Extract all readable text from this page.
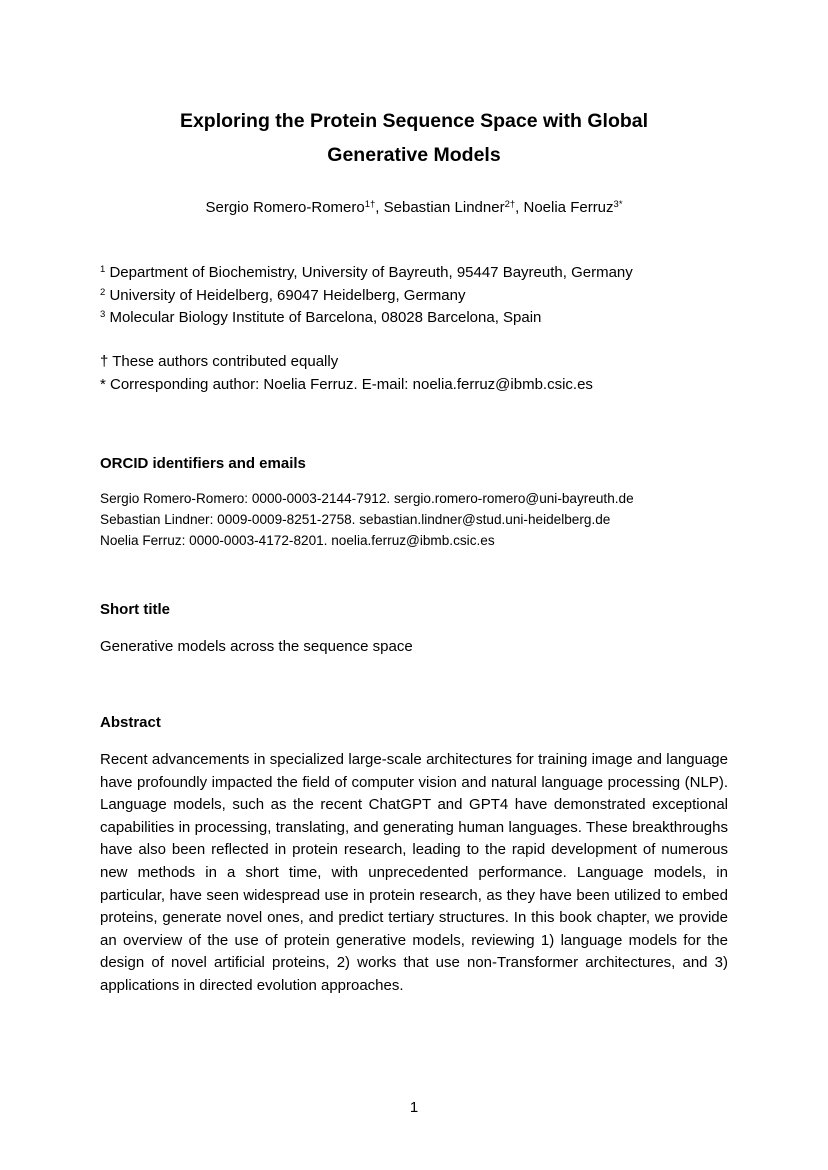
Exploring the Protein Sequence Space with Global
Generative Models
Sergio Romero-Romero$^{1\dagger}$, Sebastian Lindner$^{2\dagger}$, Noelia Ferruz$^{3*}$
$^1$ Department of Biochemistry, University of Bayreuth, 95447 Bayreuth, Germany
$^2$ University of Heidelberg, 69047 Heidelberg, Germany
$^3$ Molecular Biology Institute of Barcelona, 08028 Barcelona, Spain
† These authors contributed equally
* Corresponding author: Noelia Ferruz. E-mail: noelia.ferruz@ibmb.csic.es
ORCID identifiers and emails
Sergio Romero-Romero: 0000-0003-2144-7912. sergio.romero-romero@uni-bayreuth.de
Sebastian Lindner: 0009-0009-8251-2758. sebastian.lindner@stud.uni-heidelberg.de
Noelia Ferruz: 0000-0003-4172-8201. noelia.ferruz@ibmb.csic.es
Short title
Generative models across the sequence space
Abstract

Recent advancements in specialized large-scale architectures for training image and language have profoundly impacted the field of computer vision and natural language processing (NLP). Language models, such as the recent ChatGPT and GPT4 have demonstrated exceptional capabilities in processing, translating, and generating human languages. These breakthroughs have also been reflected in protein research, leading to the rapid development of numerous new methods in a short time, with unprecedented performance. Language models, in particular, have seen widespread use in protein research, as they have been utilized to embed proteins, generate novel ones, and predict tertiary structures. In this book chapter, we provide an overview of the use of protein generative models, reviewing 1) language models for the design of novel artificial proteins, 2) works that use non-Transformer architectures, and 3) applications in directed evolution approaches.

1
